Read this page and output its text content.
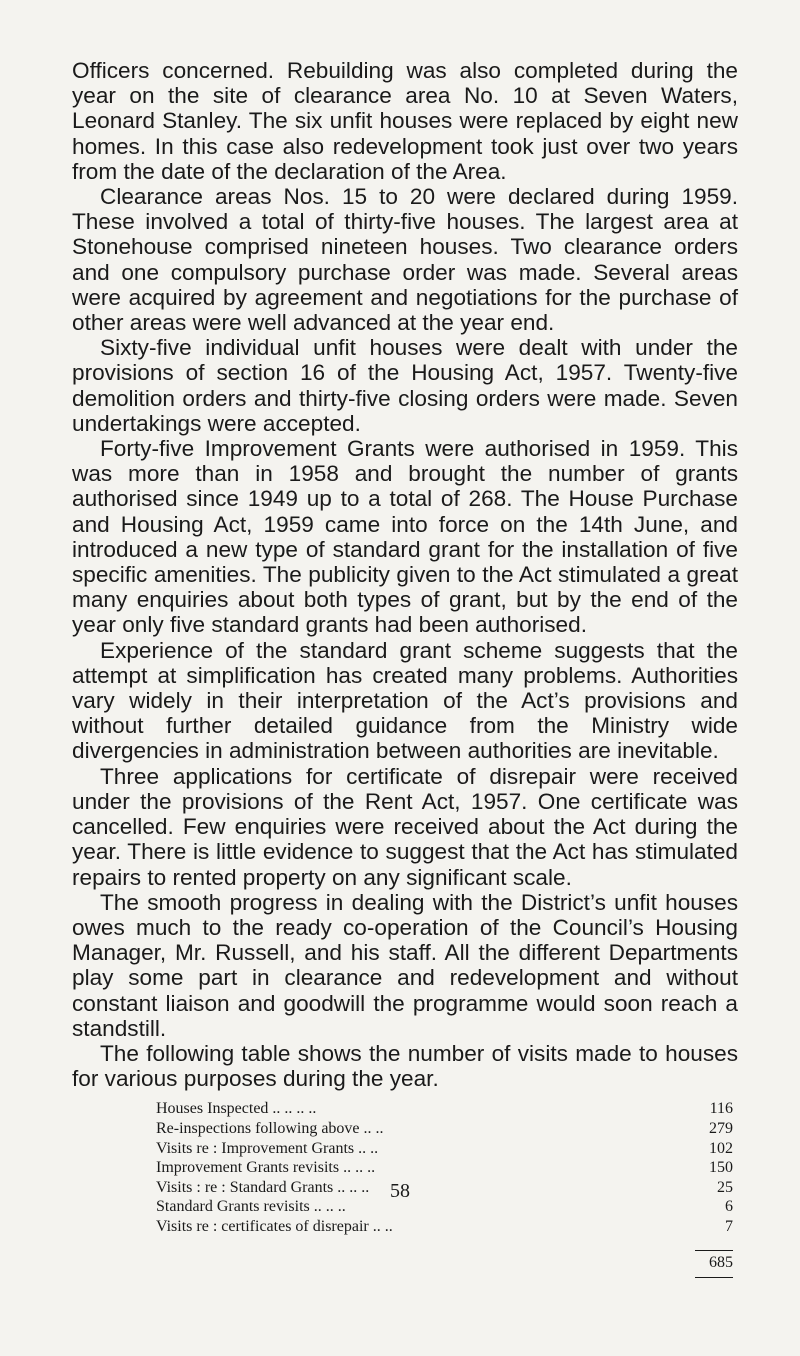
Officers concerned. Rebuilding was also completed during the year on the site of clearance area No. 10 at Seven Waters, Leonard Stanley. The six unfit houses were replaced by eight new homes. In this case also redevelopment took just over two years from the date of the declaration of the Area.

Clearance areas Nos. 15 to 20 were declared during 1959. These involved a total of thirty-five houses. The largest area at Stonehouse comprised nineteen houses. Two clearance orders and one compulsory purchase order was made. Several areas were acquired by agreement and negotiations for the purchase of other areas were well advanced at the year end.

Sixty-five individual unfit houses were dealt with under the provisions of section 16 of the Housing Act, 1957. Twenty-five demolition orders and thirty-five closing orders were made. Seven undertakings were accepted.

Forty-five Improvement Grants were authorised in 1959. This was more than in 1958 and brought the number of grants authorised since 1949 up to a total of 268. The House Purchase and Housing Act, 1959 came into force on the 14th June, and introduced a new type of standard grant for the installation of five specific amenities. The publicity given to the Act stimulated a great many enquiries about both types of grant, but by the end of the year only five standard grants had been authorised.

Experience of the standard grant scheme suggests that the attempt at simplification has created many problems. Authorities vary widely in their interpretation of the Act’s provisions and without further detailed guidance from the Ministry wide divergencies in administration between authorities are inevitable.

Three applications for certificate of disrepair were received under the provisions of the Rent Act, 1957. One certificate was cancelled. Few enquiries were received about the Act during the year. There is little evidence to suggest that the Act has stimulated repairs to rented property on any significant scale.

The smooth progress in dealing with the District’s unfit houses owes much to the ready co-operation of the Council’s Housing Manager, Mr. Russell, and his staff. All the different Departments play some part in clearance and redevelopment and without constant liaison and goodwill the programme would soon reach a standstill.

The following table shows the number of visits made to houses for various purposes during the year.

Houses Inspected .. .. .. ..	116
Re-inspections following above .. ..	279
Visits re : Improvement Grants .. ..	102
Improvement Grants revisits .. .. ..	150
Visits : re : Standard Grants .. .. ..	25
Standard Grants revisits .. .. ..	6
Visits re : certificates of disrepair .. ..	7

	685
58
